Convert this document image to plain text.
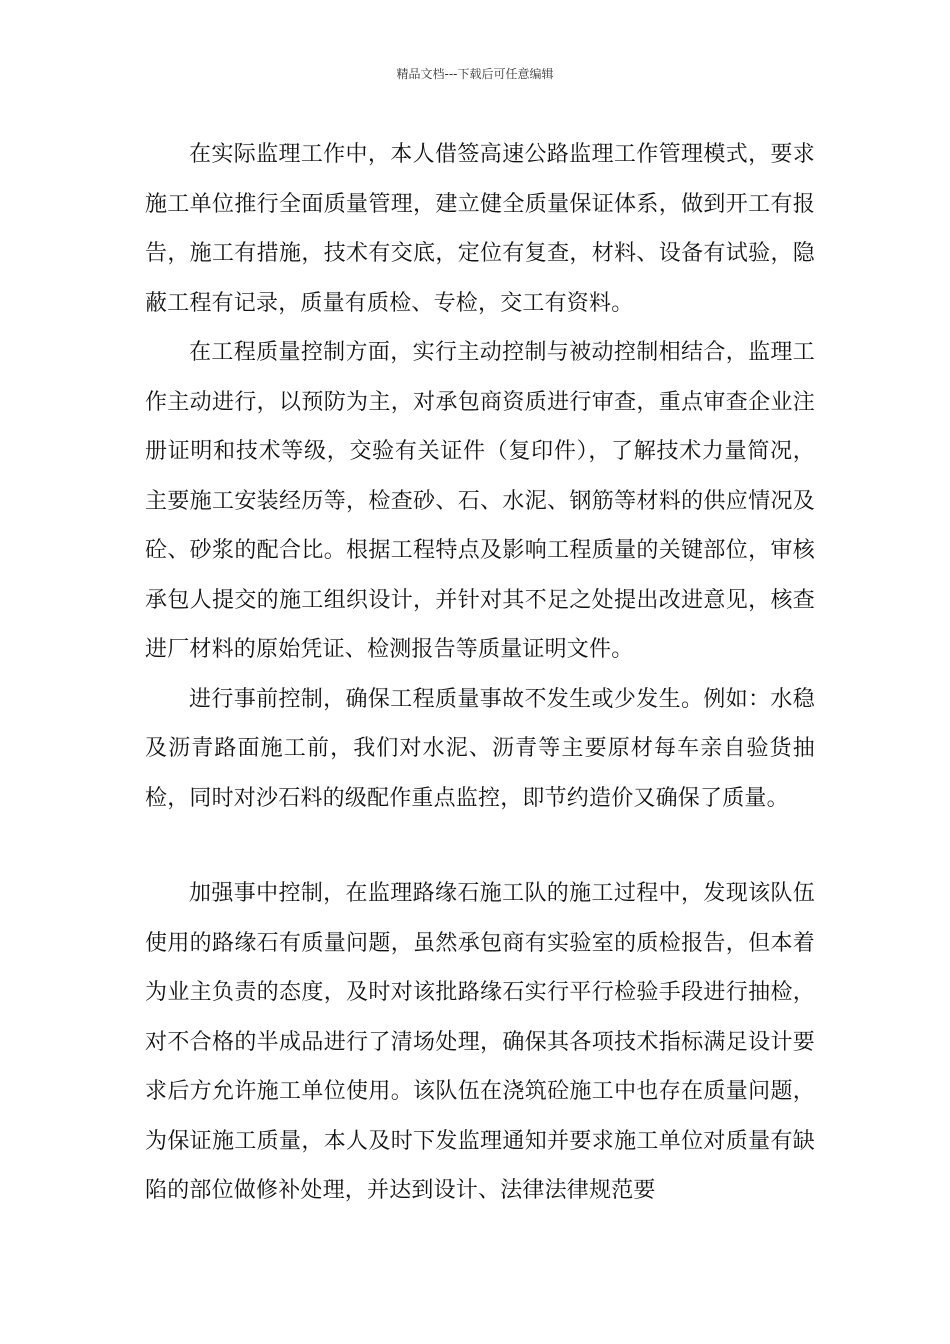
精品文档---下载后可任意编辑

在实际监理工作中，本人借签高速公路监理工作管理模式，要求施工单位推行全面质量管理，建立健全质量保证体系，做到开工有报告，施工有措施，技术有交底，定位有复查，材料、设备有试验，隐蔽工程有记录，质量有质检、专检，交工有资料。

在工程质量控制方面，实行主动控制与被动控制相结合，监理工作主动进行，以预防为主，对承包商资质进行审查，重点审查企业注册证明和技术等级，交验有关证件（复印件），了解技术力量简况，主要施工安装经历等，检查砂、石、水泥、钢筋等材料的供应情况及砼、砂浆的配合比。根据工程特点及影响工程质量的关键部位，审核承包人提交的施工组织设计，并针对其不足之处提出改进意见，核查进厂材料的原始凭证、检测报告等质量证明文件。

进行事前控制，确保工程质量事故不发生或少发生。例如：水稳及沥青路面施工前，我们对水泥、沥青等主要原材每车亲自验货抽检，同时对沙石料的级配作重点监控，即节约造价又确保了质量。

加强事中控制，在监理路缘石施工队的施工过程中，发现该队伍使用的路缘石有质量问题，虽然承包商有实验室的质检报告，但本着为业主负责的态度，及时对该批路缘石实行平行检验手段进行抽检，对不合格的半成品进行了清场处理，确保其各项技术指标满足设计要求后方允许施工单位使用。该队伍在浇筑砼施工中也存在质量问题，为保证施工质量，本人及时下发监理通知并要求施工单位对质量有缺陷的部位做修补处理，并达到设计、法律法律规范要
